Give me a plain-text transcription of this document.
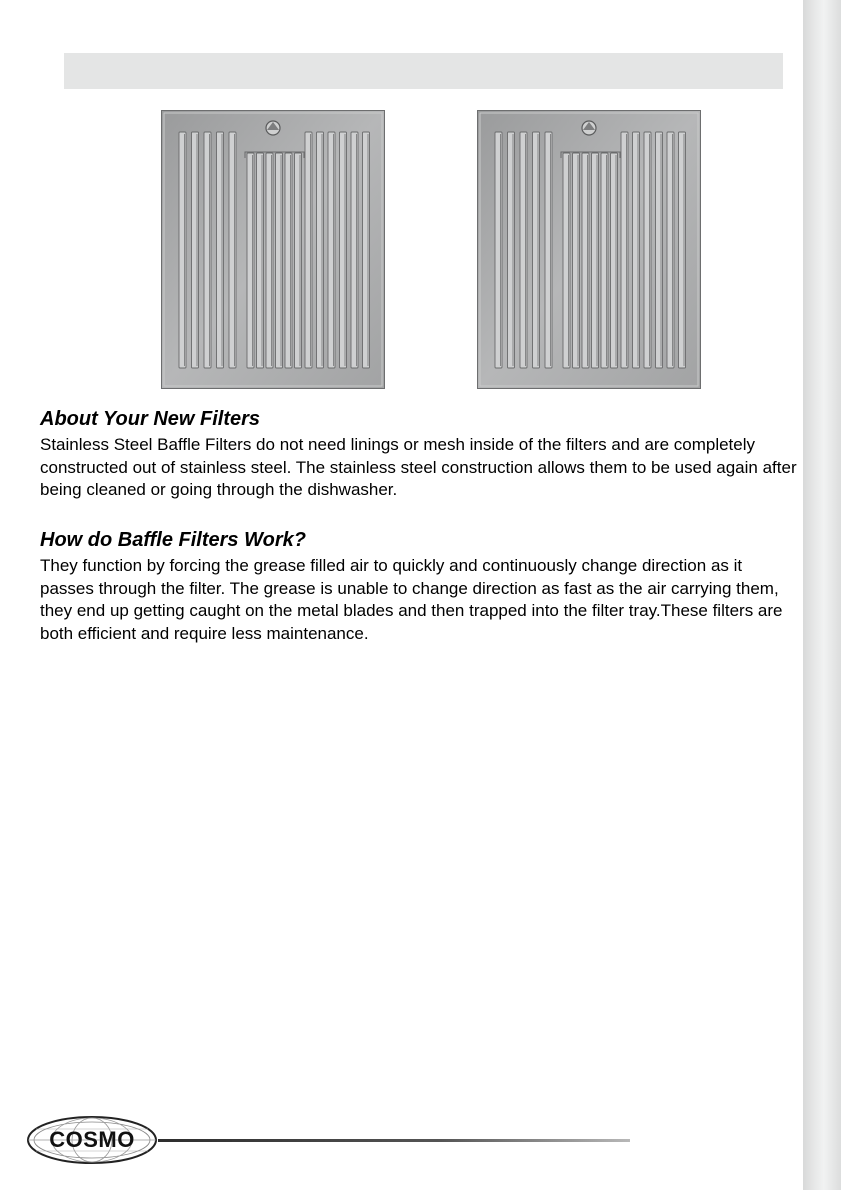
About Your New Filters

Stainless Steel Baffle Filters do not need linings or mesh inside of the filters and are completely constructed out of stainless steel. The stainless steel construction allows them to be used again after being cleaned or going through the dishwasher.

How do Baffle Filters Work?

They function by forcing the grease filled air to quickly and continuously change direction as it passes through the filter. The grease is unable to change direction as fast as the air carrying them, they end up getting caught on the metal blades and then trapped into the filter tray.These filters are both efficient and require less maintenance.

COSMO
